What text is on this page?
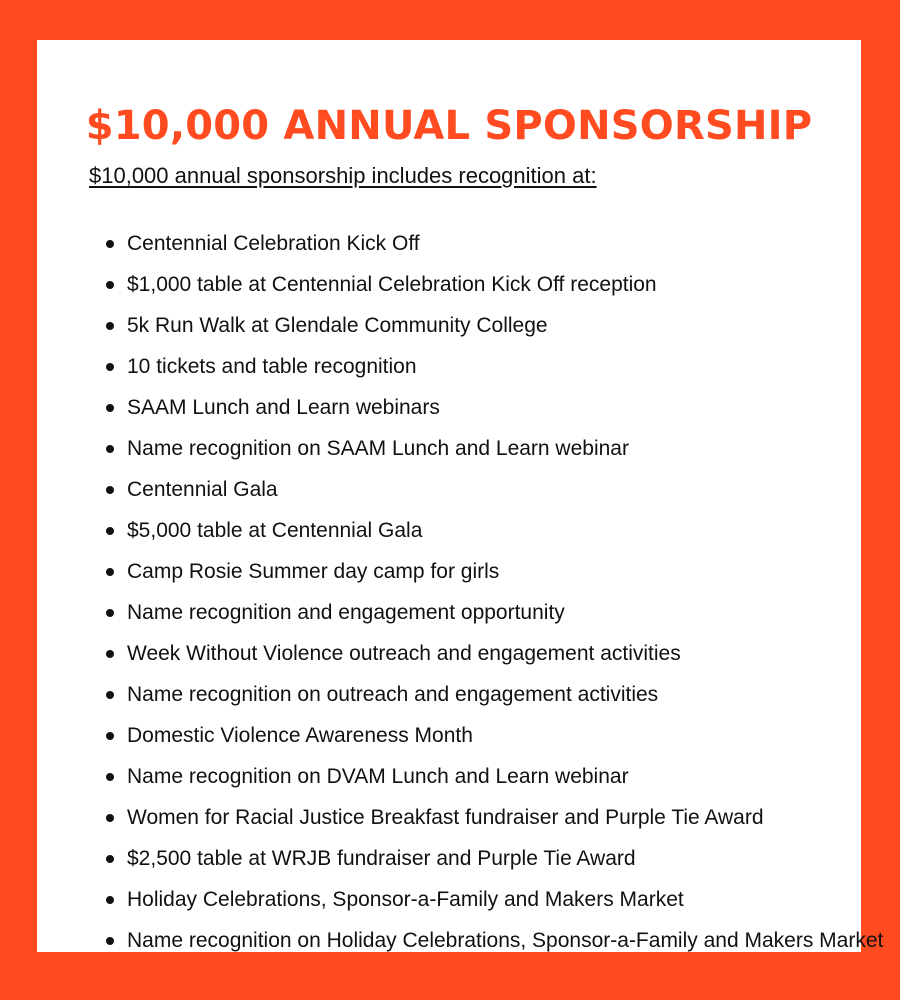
$10,000 ANNUAL SPONSORSHIP

$10,000 annual sponsorship includes recognition at:

Centennial Celebration Kick Off
$1,000 table at Centennial Celebration Kick Off reception
5k Run Walk at Glendale Community College
10 tickets and table recognition
SAAM Lunch and Learn webinars
Name recognition on SAAM Lunch and Learn webinar
Centennial Gala
$5,000 table at Centennial Gala
Camp Rosie Summer day camp for girls
Name recognition and engagement opportunity
Week Without Violence outreach and engagement activities
Name recognition on outreach and engagement activities
Domestic Violence Awareness Month
Name recognition on DVAM Lunch and Learn webinar
Women for Racial Justice Breakfast fundraiser and Purple Tie Award
$2,500 table at WRJB fundraiser and Purple Tie Award
Holiday Celebrations, Sponsor-a-Family and Makers Market
Name recognition on Holiday Celebrations, Sponsor-a-Family and Makers Market
